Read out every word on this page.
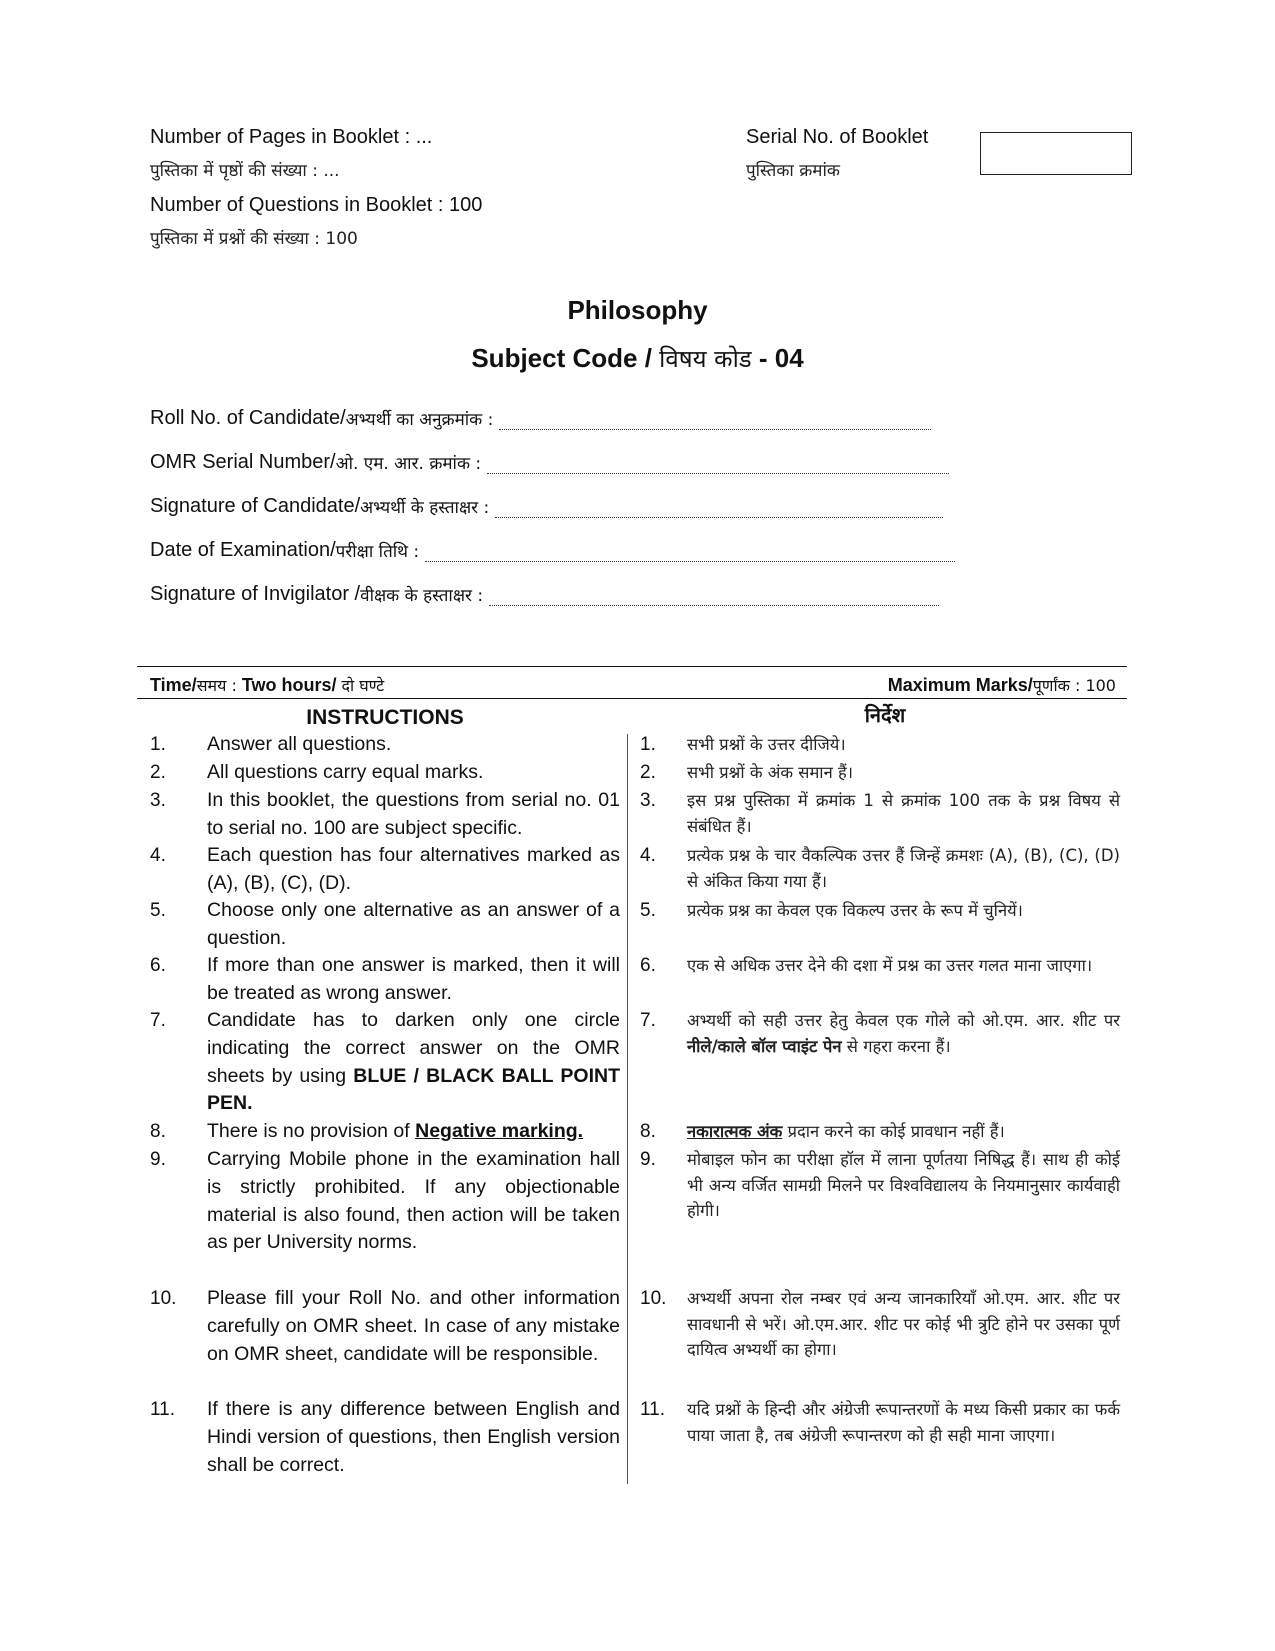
Number of Pages in Booklet : ...
पुस्तिका में पृष्ठों की संख्या : ...
Number of Questions in Booklet : 100
पुस्तिका में प्रश्नों की संख्या : 100
Serial No. of Booklet
पुस्तिका क्रमांक
Philosophy
Subject Code / विषय कोड - 04
Roll No. of Candidate/ अभ्यर्थी का अनुक्रमांक :
OMR Serial Number/ ओ. एम. आर. क्रमांक :
Signature of Candidate/ अभ्यर्थी के हस्ताक्षर :
Date of Examination/ परीक्षा तिथि :
Signature of Invigilator / वीक्षक के हस्ताक्षर :
Time/समय : Two hours/ दो घण्टे	Maximum Marks/पूर्णांक : 100
INSTRUCTIONS	निर्देश
1.	Answer all questions.
2.	All questions carry equal marks.
3.	In this booklet, the questions from serial no. 01 to serial no. 100 are subject specific.
4.	Each question has four alternatives marked as (A), (B), (C), (D).
5.	Choose only one alternative as an answer of a question.
6.	If more than one answer is marked, then it will be treated as wrong answer.
7.	Candidate has to darken only one circle indicating the correct answer on the OMR sheets by using BLUE / BLACK BALL POINT PEN.
8.	There is no provision of Negative marking.
9.	Carrying Mobile phone in the examination hall is strictly prohibited. If any objectionable material is also found, then action will be taken as per University norms.
10.	Please fill your Roll No. and other information carefully on OMR sheet. In case of any mistake on OMR sheet, candidate will be responsible.
11.	If there is any difference between English and Hindi version of questions, then English version shall be correct.
1.	सभी प्रश्नों के उत्तर दीजिये।
2.	सभी प्रश्नों के अंक समान हैं।
3.	इस प्रश्न पुस्तिका में क्रमांक 1 से क्रमांक 100 तक के प्रश्न विषय से संबंधित हैं।
4.	प्रत्येक प्रश्न के चार वैकल्पिक उत्तर हैं जिन्हें क्रमशः (A), (B), (C), (D) से अंकित किया गया हैं।
5.	प्रत्येक प्रश्न का केवल एक विकल्प उत्तर के रूप में चुनियें।
6.	एक से अधिक उत्तर देने की दशा में प्रश्न का उत्तर गलत माना जाएगा।
7.	अभ्यर्थी को सही उत्तर हेतु केवल एक गोले को ओ.एम. आर. शीट पर नीले/काले बॉल प्वाइंट पेन से गहरा करना हैं।
8.	नकारात्मक अंक प्रदान करने का कोई प्रावधान नहीं हैं।
9.	मोबाइल फोन का परीक्षा हॉल में लाना पूर्णतया निषिद्ध हैं। साथ ही कोई भी अन्य वर्जित सामग्री मिलने पर विश्वविद्यालय के नियमानुसार कार्यवाही होगी।
10.	अभ्यर्थी अपना रोल नम्बर एवं अन्य जानकारियाँ ओ.एम. आर. शीट पर सावधानी से भरें। ओ.एम.आर. शीट पर कोई भी त्रुटि होने पर उसका पूर्ण दायित्व अभ्यर्थी का होगा।
11.	यदि प्रश्नों के हिन्दी और अंग्रेजी रूपान्तरणों के मध्य किसी प्रकार का फर्क पाया जाता है, तब अंग्रेजी रूपान्तरण को ही सही माना जाएगा।
